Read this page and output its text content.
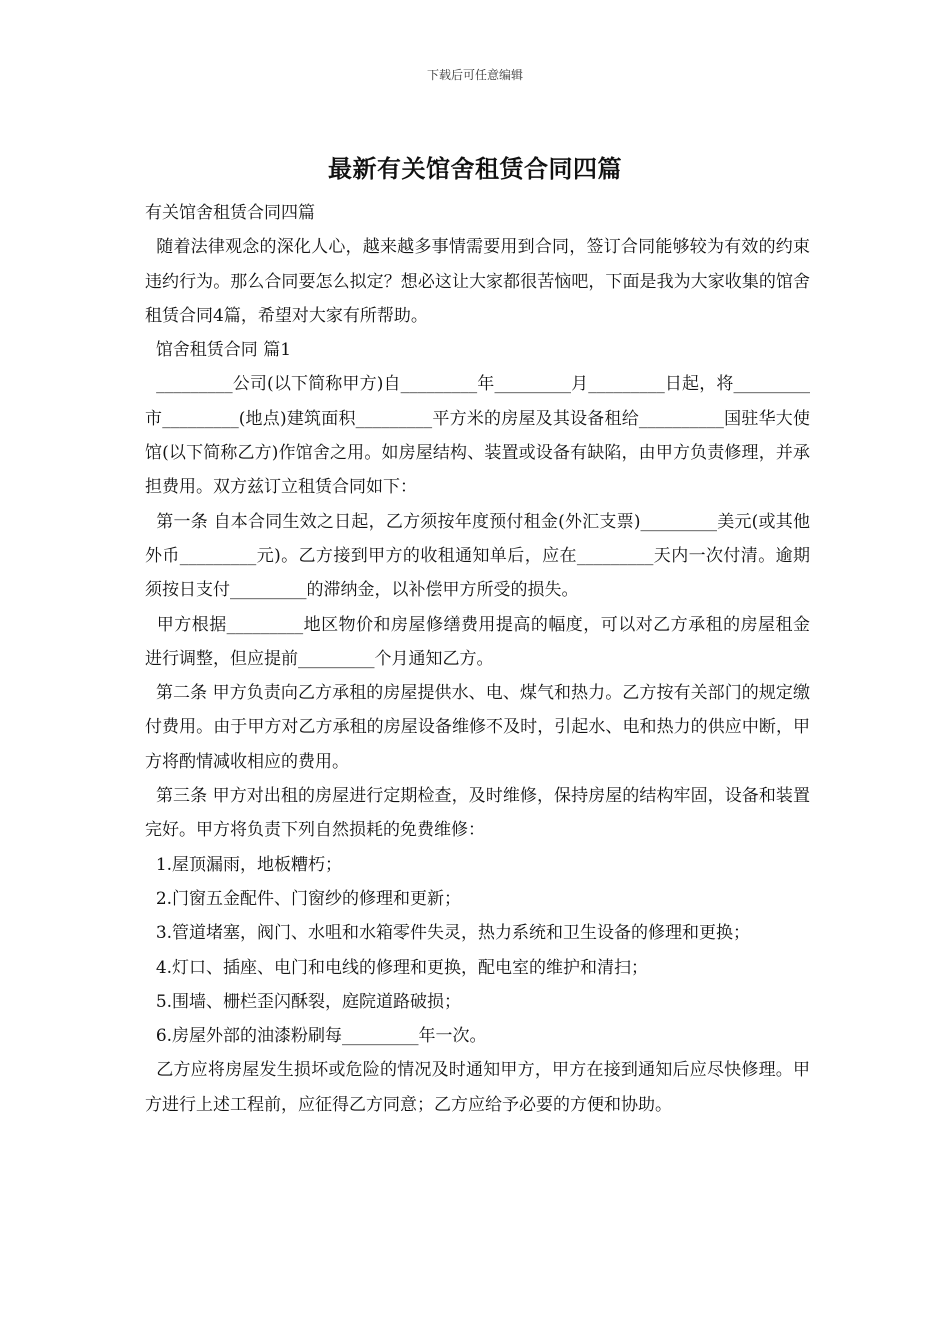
下载后可任意编辑
最新有关馆舍租赁合同四篇

有关馆舍租赁合同四篇

随着法律观念的深化人心，越来越多事情需要用到合同，签订合同能够较为有效的约束违约行为。那么合同要怎么拟定？想必这让大家都很苦恼吧，下面是我为大家收集的馆舍租赁合同4篇，希望对大家有所帮助。

馆舍租赁合同 篇1

_________公司(以下简称甲方)自_________年_________月_________日起，将_________市_________(地点)建筑面积_________平方米的房屋及其设备租给__________国驻华大使馆(以下简称乙方)作馆舍之用。如房屋结构、装置或设备有缺陷，由甲方负责修理，并承担费用。双方兹订立租赁合同如下：

第一条 自本合同生效之日起，乙方须按年度预付租金(外汇支票)_________美元(或其他外币_________元)。乙方接到甲方的收租通知单后，应在_________天内一次付清。逾期须按日支付_________的滞纳金，以补偿甲方所受的损失。

甲方根据_________地区物价和房屋修缮费用提高的幅度，可以对乙方承租的房屋租金进行调整，但应提前_________个月通知乙方。

第二条 甲方负责向乙方承租的房屋提供水、电、煤气和热力。乙方按有关部门的规定缴付费用。由于甲方对乙方承租的房屋设备维修不及时，引起水、电和热力的供应中断，甲方将酌情减收相应的费用。

第三条 甲方对出租的房屋进行定期检查，及时维修，保持房屋的结构牢固，设备和装置完好。甲方将负责下列自然损耗的免费维修：

1.屋顶漏雨，地板糟朽；

2.门窗五金配件、门窗纱的修理和更新；

3.管道堵塞，阀门、水咀和水箱零件失灵，热力系统和卫生设备的修理和更换；

4.灯口、插座、电门和电线的修理和更换，配电室的维护和清扫；

5.围墙、栅栏歪闪酥裂，庭院道路破损；

6.房屋外部的油漆粉刷每_________年一次。

乙方应将房屋发生损坏或危险的情况及时通知甲方，甲方在接到通知后应尽快修理。甲方进行上述工程前，应征得乙方同意；乙方应给予必要的方便和协助。
